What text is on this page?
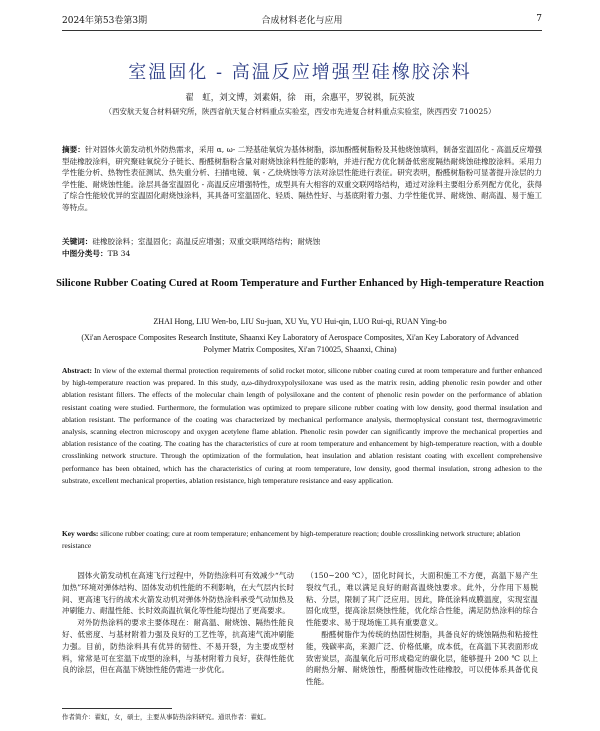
2024年第53卷第3期	合成材料老化与应用	7
室温固化 - 高温反应增强型硅橡胶涂料
翟　虹，刘文博，刘素娟，徐　雨，余惠平，罗锐祺，阮英波
（西安航天复合材料研究所，陕西省航天复合材料重点实验室，西安市先进复合材料重点实验室，陕西西安 710025）
摘要：针对固体火箭发动机外防热需求，采用 α, ω- 二羟基硅氧烷为基体树脂，添加酚醛树脂粉及其他烧蚀填料，制备室温固化 - 高温反应增强型硅橡胶涂料，研究聚硅氧烷分子链长、酚醛树脂粉含量对耐烧蚀涂料性能的影响，并进行配方优化制备低密度隔热耐烧蚀硅橡胶涂料。采用力学性能分析、热物性表征测试、热失重分析、扫描电镜、氧 - 乙炔烧蚀等方法对涂层性能进行表征。研究表明，酚醛树脂粉可显著提升涂层的力学性能、耐烧蚀性能。涂层具备室温固化 - 高温反应增强特性，成型具有大相容的双重交联网络结构，通过对涂料主要组分系列配方优化，获得了综合性能较优异的室温固化耐烧蚀涂料，其具备可室温固化、轻质、隔热性好、与基底附着力强、力学性能优异、耐烧蚀、耐高温、易于施工等特点。
关键词：硅橡胶涂料；室温固化；高温反应增强；双重交联网络结构；耐烧蚀
中图分类号：TB 34
Silicone Rubber Coating Cured at Room Temperature and Further Enhanced by High-temperature Reaction
ZHAI Hong, LIU Wen-bo, LIU Su-juan, XU Yu, YU Hui-qin, LUO Rui-qi, RUAN Ying-bo
(Xi'an Aerospace Composites Research Institute, Shaanxi Key Laboratory of Aerospace Composites, Xi'an Key Laboratory of Advanced Polymer Matrix Composites, Xi'an 710025, Shaanxi, China)
Abstract: In view of the external thermal protection requirements of solid rocket motor, silicone rubber coating cured at room temperature and further enhanced by high-temperature reaction was prepared. In this study, α,ω-dihydroxypolysiloxane was used as the matrix resin, adding phenolic resin powder and other ablation resistant fillers. The effects of the molecular chain length of polysiloxane and the content of phenolic resin powder on the performance of ablation resistant coating were studied. Furthermore, the formulation was optimized to prepare silicone rubber coating with low density, good thermal insulation and ablation resistant. The performance of the coating was characterized by mechanical performance analysis, thermophysical constant test, thermogravimetric analysis, scanning electron microscopy and oxygen acetylene flame ablation. Phenolic resin powder can significantly improve the mechanical properties and ablation resistance of the coating. The coating has the characteristics of cure at room temperature and enhancement by high-temperature reaction, with a double crosslinking network structure. Through the optimization of the formulation, heat insulation and ablation resistant coating with excellent comprehensive performance has been obtained, which has the characteristics of curing at room temperature, low density, good thermal insulation, strong adhesion to the substrate, excellent mechanical properties, ablation resistance, high temperature resistance and easy application.
Key words: silicone rubber coating; cure at room temperature; enhancement by high-temperature reaction; double crosslinking network structure; ablation resistance

固体火箭发动机在高速飞行过程中，外防热涂料可有效减少“气动加热”环境对弹体结构、固体发动机性能的不利影响，在大气层内长时间、更高速飞行的战术火箭发动机对弹体外防热涂料承受气动加热及冲刷能力、耐温性能、长时效高温抗氧化等性能均提出了更高要求。

对外防热涂料的要求主要体现在：耐高温、耐烧蚀、隔热性能良好、低密度、与基材附着力强及良好的工艺性等，抗高速气流冲刷能力强。目前，防热涂料具有优异的韧性、不易开裂，为主要成型材料，常常是可在室温下成型的涂料，与基材附着力良好，获得性能优良的涂层，但在高温下烧蚀性能仍需进一步优化。

（150~200 ℃），固化时间长，大面积施工不方便，高温下易产生裂纹气孔，难以满足良好的耐高温烧蚀要求。此外，分作用下易脱粘、分层，限制了其广泛应用。因此，降低涂料成膜温度，实现室温固化成型，提高涂层烧蚀性能，优化综合性能，满足防热涂料的综合性能要求、易于现场施工具有重要意义。

酚醛树脂作为传统的热固性树脂，具备良好的烧蚀隔热和粘接性能，残碳率高，来源广泛、价格低廉，成本低，在高温下其表面形成致密炭层，高温氧化后可形成稳定的碳化层，能够提升 200 ℃ 以上的耐热分解、耐烧蚀性，酚醛树脂改性硅橡胶，可以使体系具备优良性能。

作者简介：翟虹，女，硕士，主要从事防热涂料研究。通讯作者：翟虹。
